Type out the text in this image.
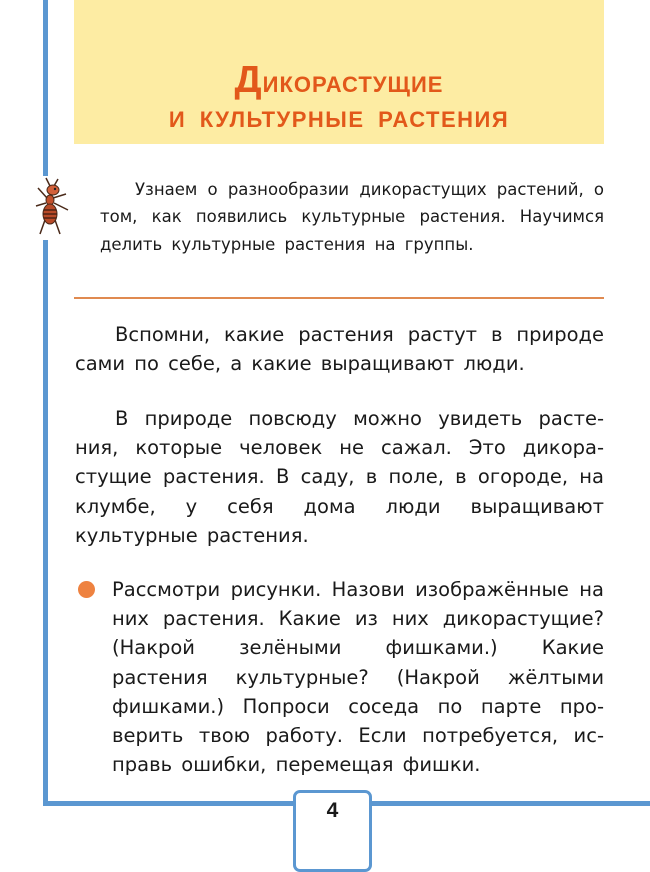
ДИКОРАСТУЩИЕ
И КУЛЬТУРНЫЕ РАСТЕНИЯ
Узнаем о разнообразии дикорастущих растений, о том, как появились культурные растения. Научимся делить культурные растения на группы.
Вспомни, какие растения растут в природе сами по себе, а какие выращивают люди.
В природе повсюду можно увидеть растения, которые человек не сажал. Это дикорастущие растения. В саду, в поле, в огороде, на клумбе, у себя дома люди выращивают культурные растения.
Рассмотри рисунки. Назови изображённые на них растения. Какие из них дикорастущие? (Накрой зелёными фишками.) Какие растения культурные? (Накрой жёлтыми фишками.) Попроси соседа по парте проверить твою работу. Если потребуется, исправь ошибки, перемещая фишки.
4
